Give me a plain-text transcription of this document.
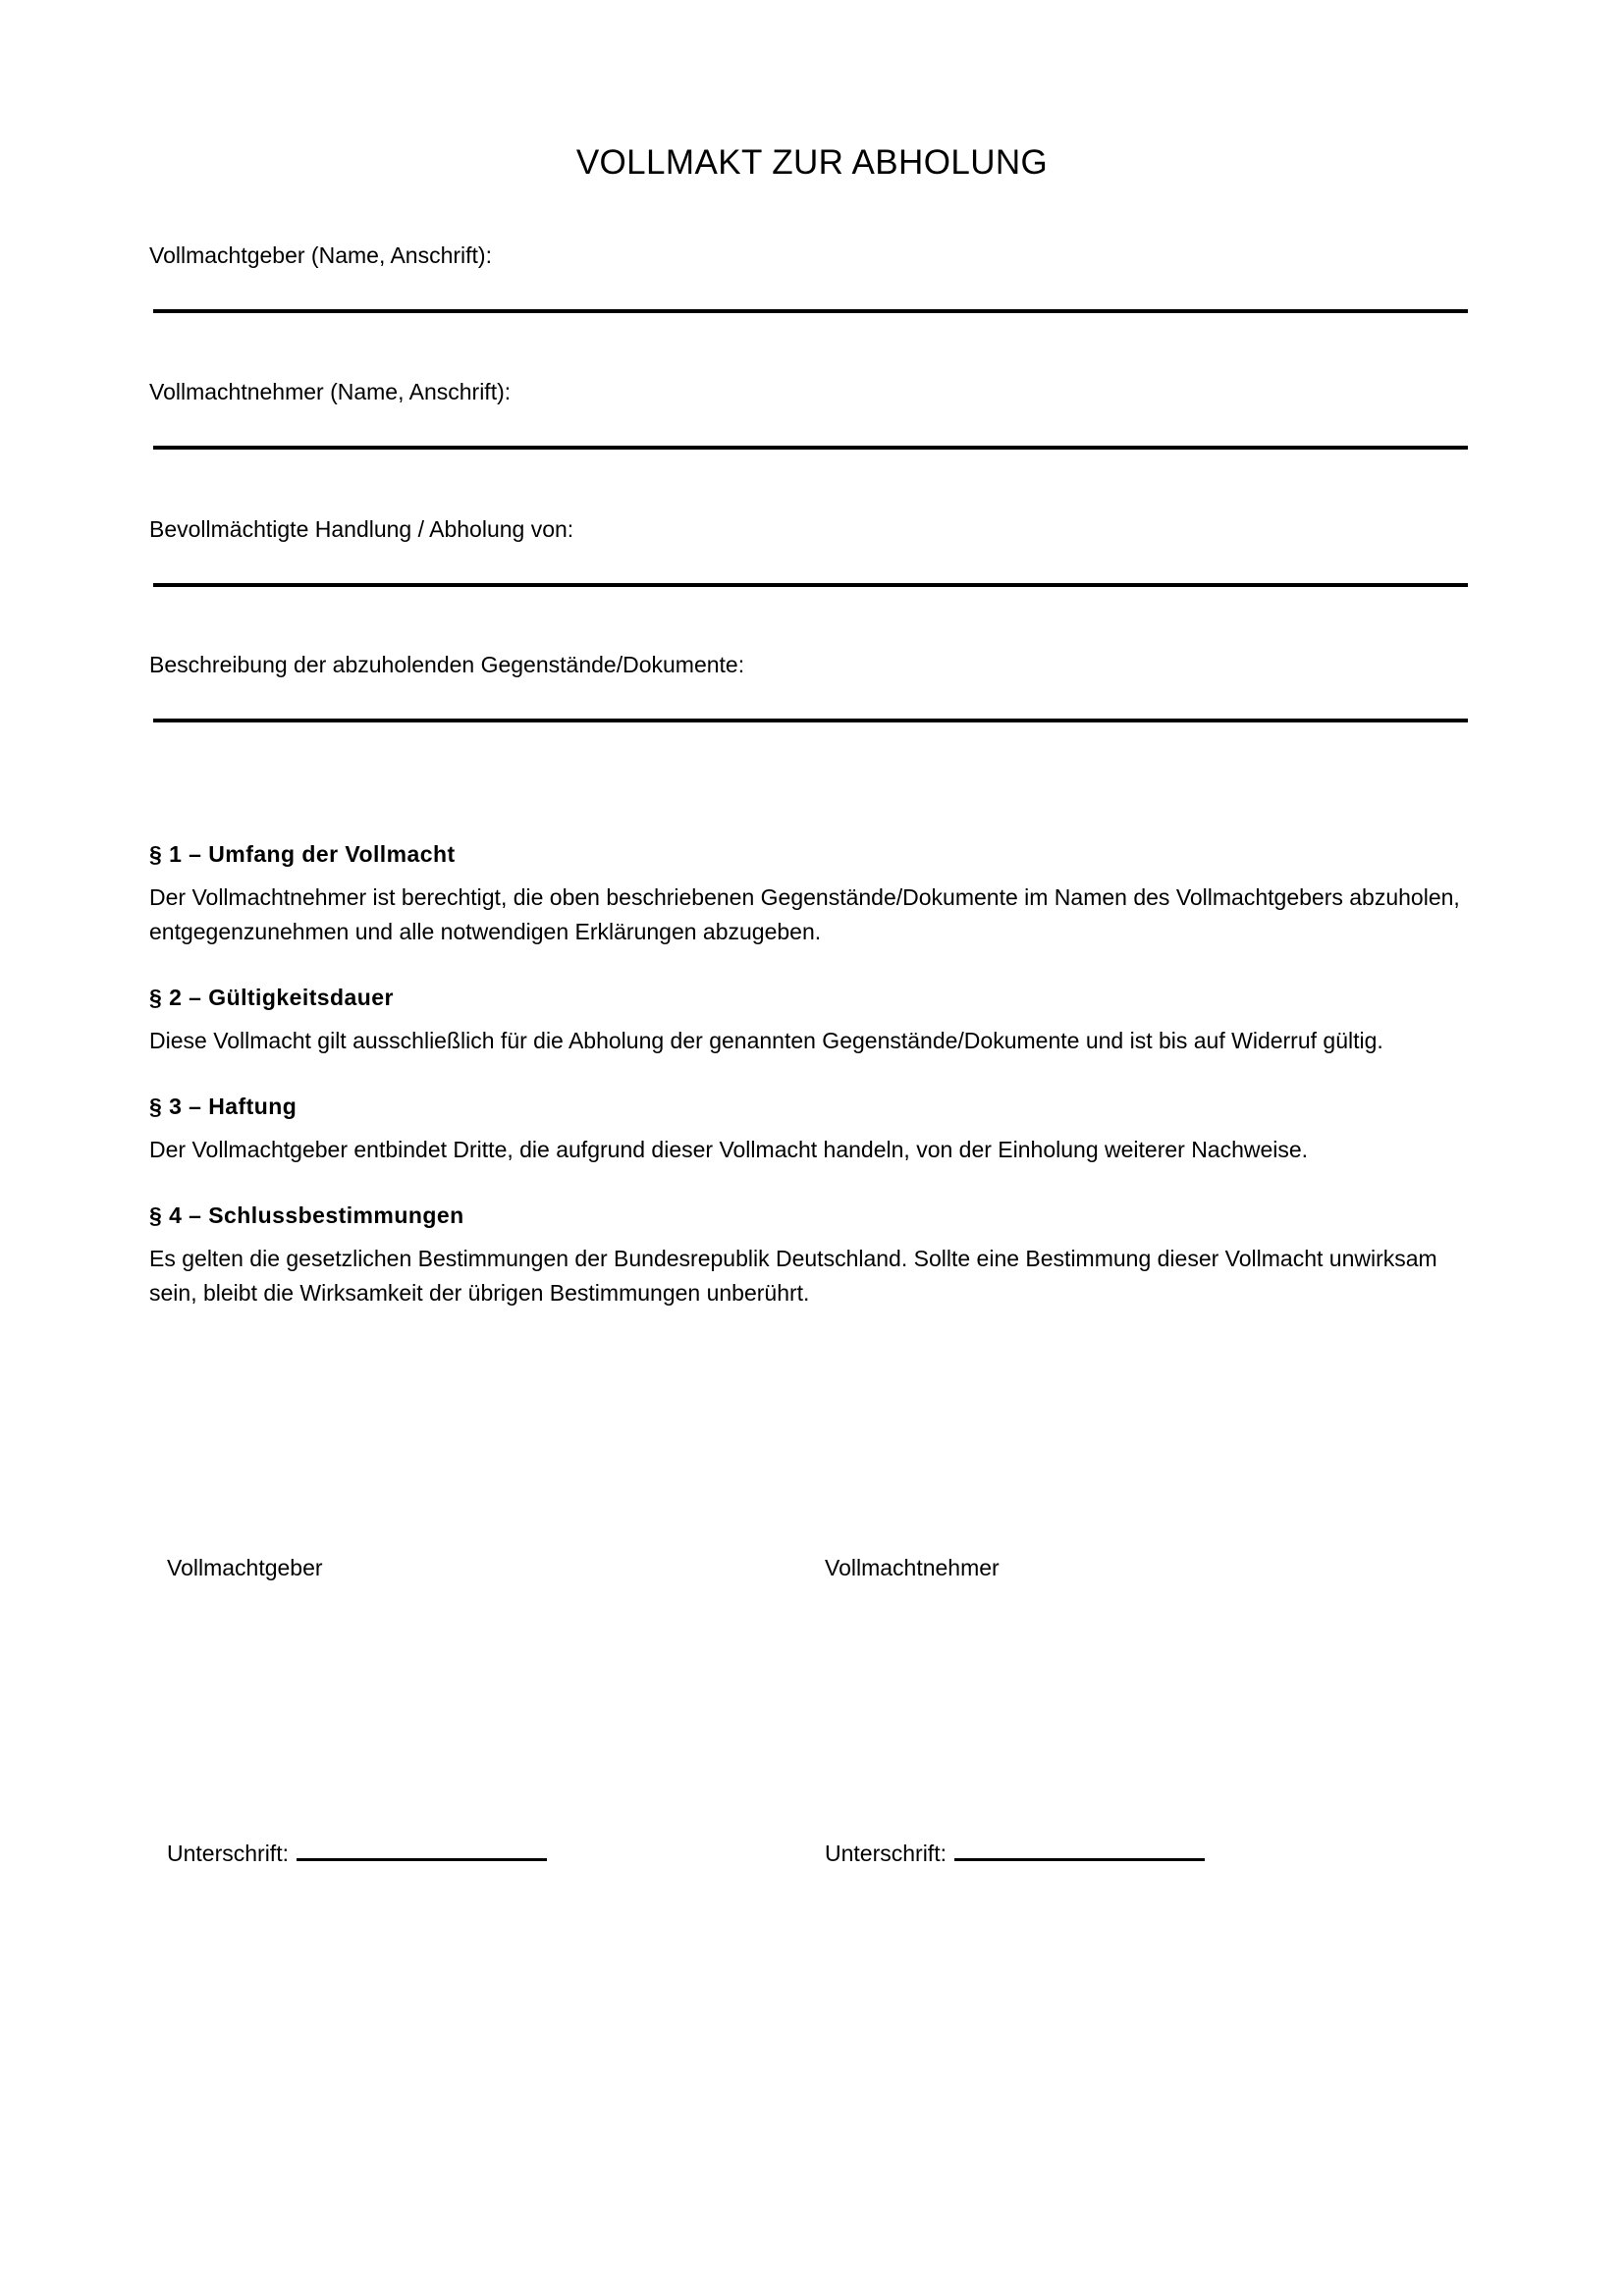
VOLLMAKT ZUR ABHOLUNG
Vollmachtgeber (Name, Anschrift):
Vollmachtnehmer (Name, Anschrift):
Bevollmächtigte Handlung / Abholung von:
Beschreibung der abzuholenden Gegenstände/Dokumente:
§ 1 – Umfang der Vollmacht

Der Vollmachtnehmer ist berechtigt, die oben beschriebenen Gegenstände/Dokumente im Namen des Vollmachtgebers abzuholen, entgegenzunehmen und alle notwendigen Erklärungen abzugeben.

§ 2 – Gültigkeitsdauer

Diese Vollmacht gilt ausschließlich für die Abholung der genannten Gegenstände/Dokumente und ist bis auf Widerruf gültig.

§ 3 – Haftung

Der Vollmachtgeber entbindet Dritte, die aufgrund dieser Vollmacht handeln, von der Einholung weiterer Nachweise.

§ 4 – Schlussbestimmungen

Es gelten die gesetzlichen Bestimmungen der Bundesrepublik Deutschland. Sollte eine Bestimmung dieser Vollmacht unwirksam sein, bleibt die Wirksamkeit der übrigen Bestimmungen unberührt.

Vollmachtgeber	Vollmachtnehmer
Unterschrift:	Unterschrift:
